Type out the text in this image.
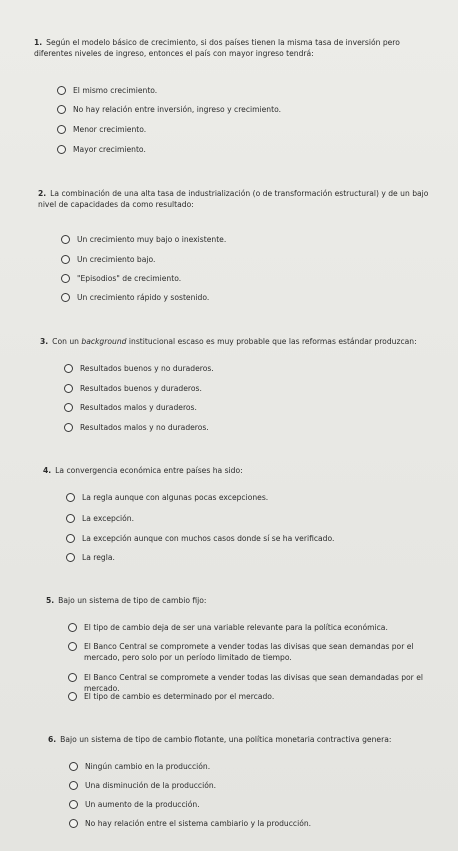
1. Según el modelo básico de crecimiento, si dos países tienen la misma tasa de inversión pero diferentes niveles de ingreso, entonces el país con mayor ingreso tendrá:
El mismo crecimiento.
No hay relación entre inversión, ingreso y crecimiento.
Menor crecimiento.
Mayor crecimiento.
2. La combinación de una alta tasa de industrialización (o de transformación estructural) y de un bajo nivel de capacidades da como resultado:
Un crecimiento muy bajo o inexistente.
Un crecimiento bajo.
"Episodios" de crecimiento.
Un crecimiento rápido y sostenido.
3. Con un background institucional escaso es muy probable que las reformas estándar produzcan:
Resultados buenos y no duraderos.
Resultados buenos y duraderos.
Resultados malos y duraderos.
Resultados malos y no duraderos.
4. La convergencia económica entre países ha sido:
La regla aunque con algunas pocas excepciones.
La excepción.
La excepción aunque con muchos casos donde sí se ha verificado.
La regla.
5. Bajo un sistema de tipo de cambio fijo:
El tipo de cambio deja de ser una variable relevante para la política económica.
El Banco Central se compromete a vender todas las divisas que sean demandas por el mercado, pero solo por un período limitado de tiempo.
El Banco Central se compromete a vender todas las divisas que sean demandadas por el mercado.
El tipo de cambio es determinado por el mercado.
6. Bajo un sistema de tipo de cambio flotante, una política monetaria contractiva genera:
Ningún cambio en la producción.
Una disminución de la producción.
Un aumento de la producción.
No hay relación entre el sistema cambiario y la producción.
